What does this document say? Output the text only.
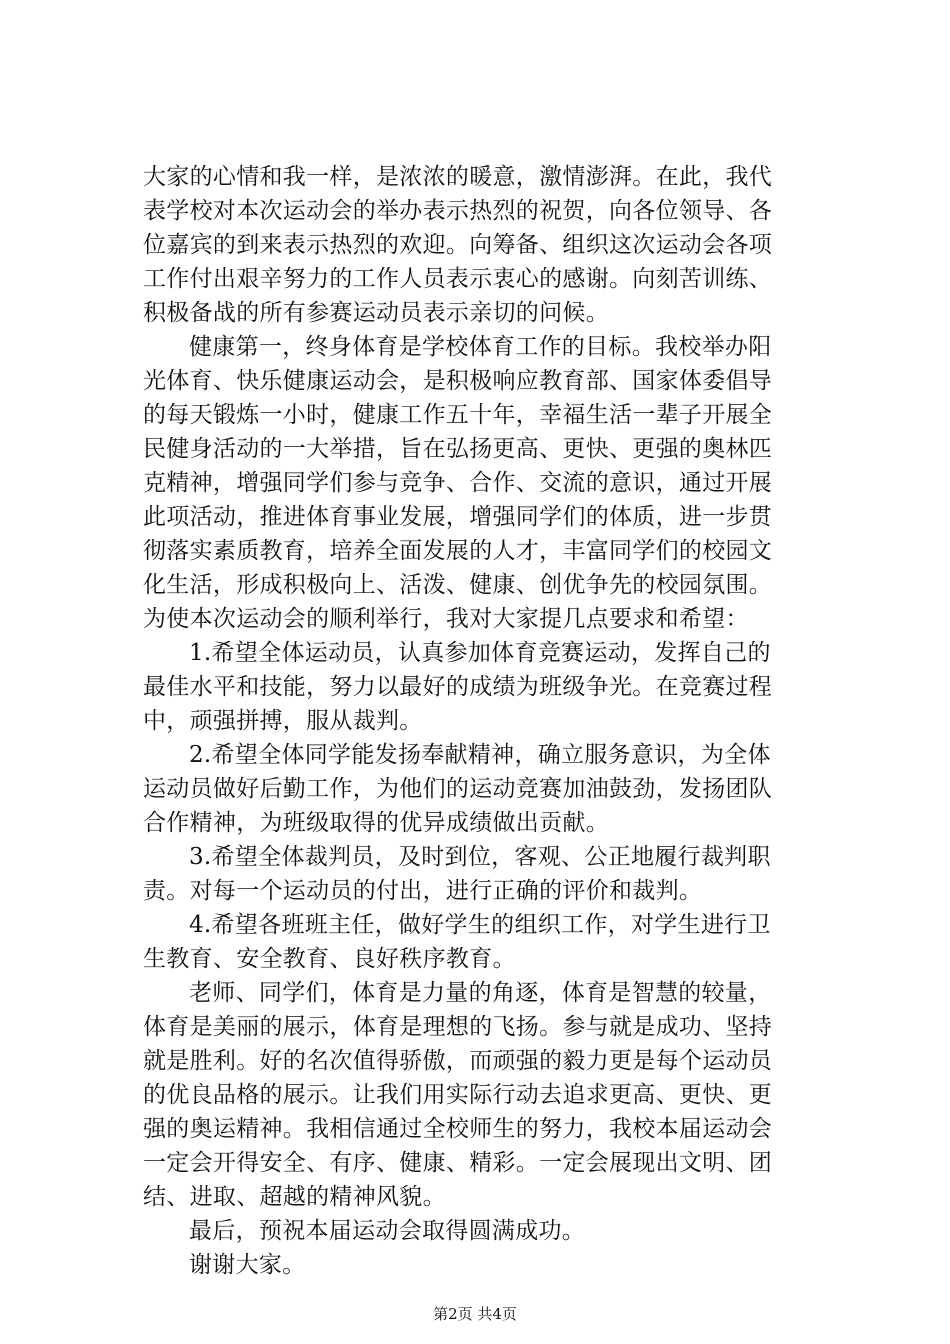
大家的心情和我一样，是浓浓的暖意，激情澎湃。在此，我代
表学校对本次运动会的举办表示热烈的祝贺，向各位领导、各
位嘉宾的到来表示热烈的欢迎。向筹备、组织这次运动会各项
工作付出艰辛努力的工作人员表示衷心的感谢。向刻苦训练、
积极备战的所有参赛运动员表示亲切的问候。
健康第一，终身体育是学校体育工作的目标。我校举办阳
光体育、快乐健康运动会，是积极响应教育部、国家体委倡导
的每天锻炼一小时，健康工作五十年，幸福生活一辈子开展全
民健身活动的一大举措，旨在弘扬更高、更快、更强的奥林匹
克精神，增强同学们参与竞争、合作、交流的意识，通过开展
此项活动，推进体育事业发展，增强同学们的体质，进一步贯
彻落实素质教育，培养全面发展的人才，丰富同学们的校园文
化生活，形成积极向上、活泼、健康、创优争先的校园氛围。
为使本次运动会的顺利举行，我对大家提几点要求和希望：
1.希望全体运动员，认真参加体育竞赛运动，发挥自己的
最佳水平和技能，努力以最好的成绩为班级争光。在竞赛过程
中，顽强拼搏，服从裁判。
2.希望全体同学能发扬奉献精神，确立服务意识，为全体
运动员做好后勤工作，为他们的运动竞赛加油鼓劲，发扬团队
合作精神，为班级取得的优异成绩做出贡献。
3.希望全体裁判员，及时到位，客观、公正地履行裁判职
责。对每一个运动员的付出，进行正确的评价和裁判。
4.希望各班班主任，做好学生的组织工作，对学生进行卫
生教育、安全教育、良好秩序教育。
老师、同学们，体育是力量的角逐，体育是智慧的较量，
体育是美丽的展示，体育是理想的飞扬。参与就是成功、坚持
就是胜利。好的名次值得骄傲，而顽强的毅力更是每个运动员
的优良品格的展示。让我们用实际行动去追求更高、更快、更
强的奥运精神。我相信通过全校师生的努力，我校本届运动会
一定会开得安全、有序、健康、精彩。一定会展现出文明、团
结、进取、超越的精神风貌。
最后，预祝本届运动会取得圆满成功。
谢谢大家。
第2页 共4页
